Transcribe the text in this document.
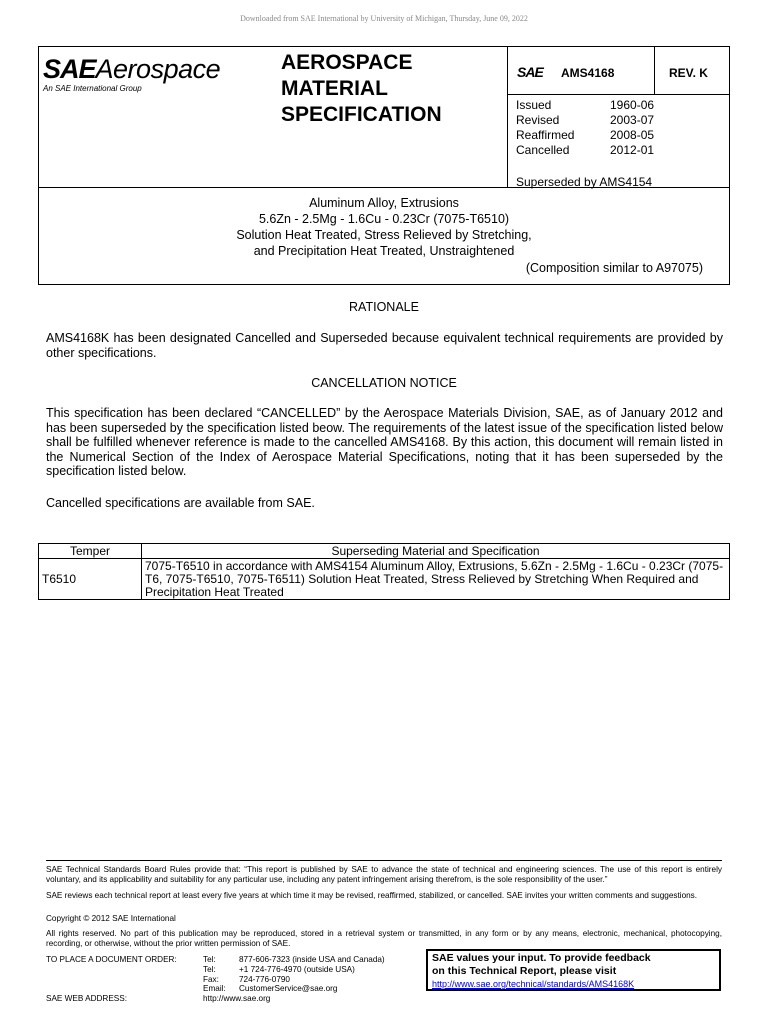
Downloaded from SAE International by University of Michigan, Thursday, June 09, 2022
SAEAerospace
An SAE International Group
AEROSPACE
MATERIAL
SPECIFICATION
SAE AMS4168	REV. K
Issued	1960-06
Revised	2003-07
Reaffirmed	2008-05
Cancelled	2012-01
Superseded by AMS4154
Aluminum Alloy, Extrusions
5.6Zn - 2.5Mg - 1.6Cu - 0.23Cr (7075-T6510)
Solution Heat Treated, Stress Relieved by Stretching,
and Precipitation Heat Treated, Unstraightened
(Composition similar to A97075)
RATIONALE
AMS4168K has been designated Cancelled and Superseded because equivalent technical requirements are provided by other specifications.
CANCELLATION NOTICE
This specification has been declared “CANCELLED” by the Aerospace Materials Division, SAE, as of January 2012 and has been superseded by the specification listed beow. The requirements of the latest issue of the specification listed below shall be fulfilled whenever reference is made to the cancelled AMS4168. By this action, this document will remain listed in the Numerical Section of the Index of Aerospace Material Specifications, noting that it has been superseded by the specification listed below.
Cancelled specifications are available from SAE.
Temper	Superseding Material and Specification
T6510	7075-T6510 in accordance with AMS4154 Aluminum Alloy, Extrusions, 5.6Zn - 2.5Mg - 1.6Cu - 0.23Cr (7075-T6, 7075-T6510, 7075-T6511) Solution Heat Treated, Stress Relieved by Stretching When Required and Precipitation Heat Treated
SAE Technical Standards Board Rules provide that: “This report is published by SAE to advance the state of technical and engineering sciences. The use of this report is entirely voluntary, and its applicability and suitability for any particular use, including any patent infringement arising therefrom, is the sole responsibility of the user.”
SAE reviews each technical report at least every five years at which time it may be revised, reaffirmed, stabilized, or cancelled. SAE invites your written comments and suggestions.
Copyright © 2012 SAE International
All rights reserved. No part of this publication may be reproduced, stored in a retrieval system or transmitted, in any form or by any means, electronic, mechanical, photocopying, recording, or otherwise, without the prior written permission of SAE.
TO PLACE A DOCUMENT ORDER:	Tel:	877-606-7323 (inside USA and Canada)
Tel:	+1 724-776-4970 (outside USA)
Fax:	724-776-0790
Email:	CustomerService@sae.org
SAE WEB ADDRESS:	http://www.sae.org
SAE values your input. To provide feedback
on this Technical Report, please visit
http://www.sae.org/technical/standards/AMS4168K
